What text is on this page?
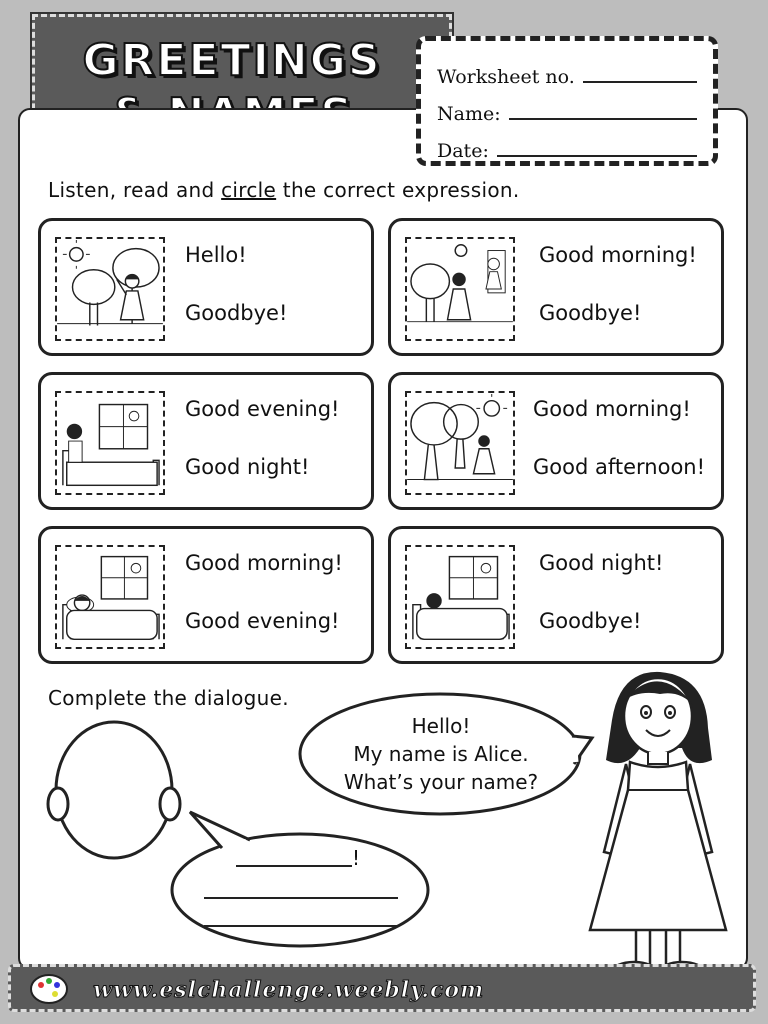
GREETINGS	Worksheet no.
Name:
Date:
Listen, read and circle the correct expression.
Hello!
Goodbye!
Good morning!
Goodbye!
Good evening!
Good night!
Good morning!
Good afternoon!
Good morning!
Good evening!
Good night!
Goodbye!
Complete the dialogue.
Hello!
My name is Alice.
What’s your name?
!
www.eslchallenge.weebly.com
